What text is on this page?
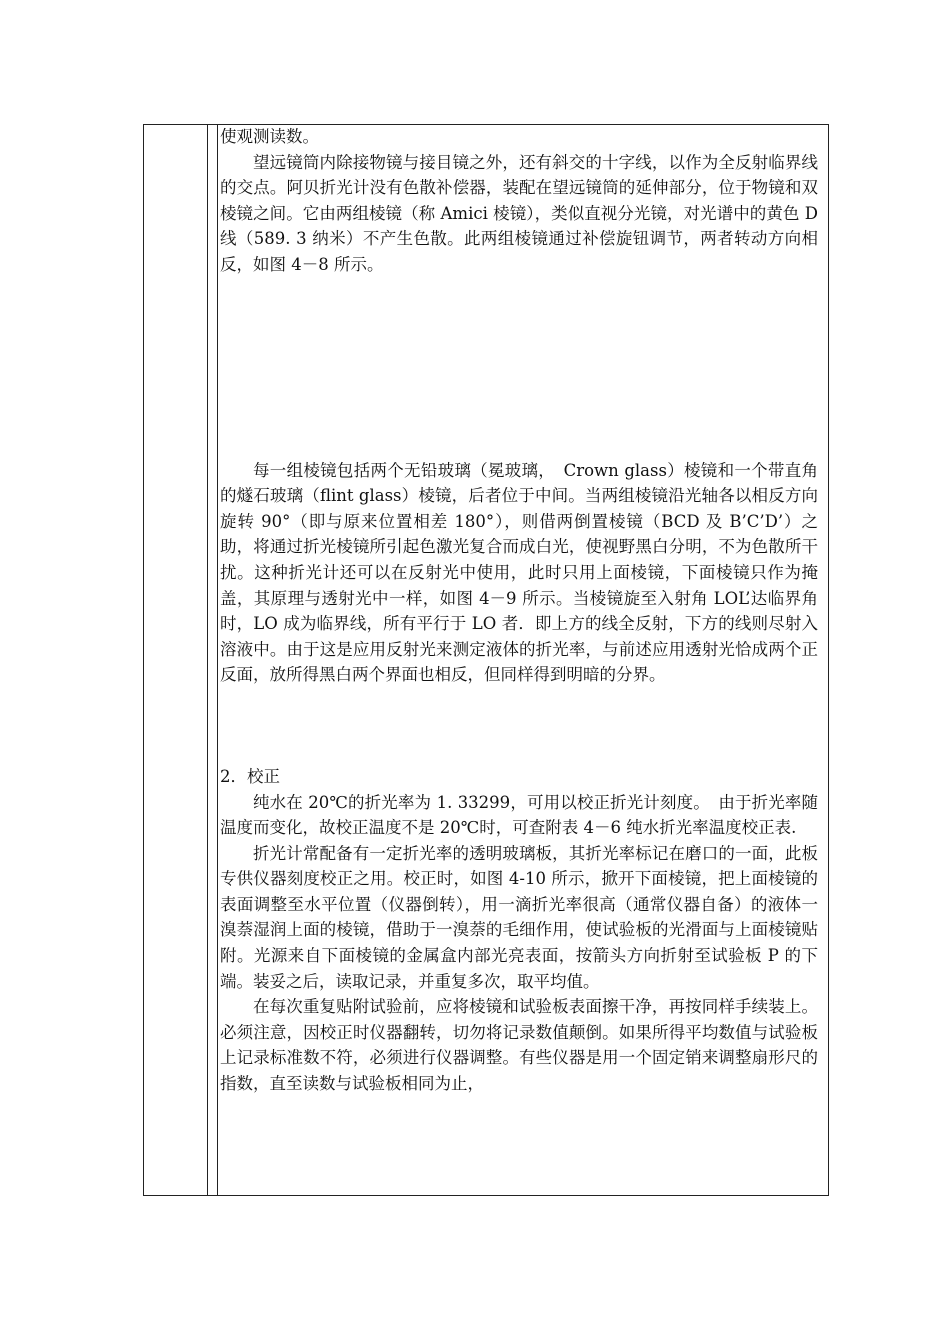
使观测读数。

望远镜筒内除接物镜与接目镜之外，还有斜交的十字线，以作为全反射临界线的交点。阿贝折光计没有色散补偿器，装配在望远镜筒的延伸部分，位于物镜和双棱镜之间。它由两组棱镜（称 Amici 棱镜），类似直视分光镜，对光谱中的黄色 D 线（589. 3 纳米）不产生色散。此两组棱镜通过补偿旋钮调节，两者转动方向相反，如图 4－8 所示。

每一组棱镜包括两个无铅玻璃（冕玻璃，　Crown glass）棱镜和一个带直角的燧石玻璃（flint glass）棱镜，后者位于中间。当两组棱镜沿光轴各以相反方向旋转 90°（即与原来位置相差 180°），则借两倒置棱镜（BCD 及 B’C’D’）之助，将通过折光棱镜所引起色激光复合而成白光，使视野黑白分明，不为色散所干扰。这种折光计还可以在反射光中使用，此时只用上面棱镜，下面棱镜只作为掩盖，其原理与透射光中一样，如图 4－9 所示。当棱镜旋至入射角 LOL’达临界角时，LO 成为临界线，所有平行于 LO 者．即上方的线全反射，下方的线则尽射入溶液中。由于这是应用反射光来测定液体的折光率，与前述应用透射光恰成两个正反面，放所得黑白两个界面也相反，但同样得到明暗的分界。

2．校正

纯水在 20℃的折光率为 1. 33299，可用以校正折光计刻度。　由于折光率随温度而变化，故校正温度不是 20℃时，可查附表 4－6 纯水折光率温度校正表.

折光计常配备有一定折光率的透明玻璃板，其折光率标记在磨口的一面，此板专供仪器刻度校正之用。校正时，如图 4-10 所示，掀开下面棱镜，把上面棱镜的表面调整至水平位置（仪器倒转），用一滴折光率很高（通常仪器自备）的液体一溴萘湿润上面的棱镜，借助于一溴萘的毛细作用，使试验板的光滑面与上面棱镜贴附。光源来自下面棱镜的金属盒内部光亮表面，按箭头方向折射至试验板 P 的下端。装妥之后，读取记录，并重复多次，取平均值。

在每次重复贴附试验前，应将棱镜和试验板表面擦干净，再按同样手续装上。必须注意，因校正时仪器翻转，切勿将记录数值颠倒。如果所得平均数值与试验板上记录标准数不符，必须进行仪器调整。有些仪器是用一个固定销来调整扇形尺的指数，直至读数与试验板相同为止，
